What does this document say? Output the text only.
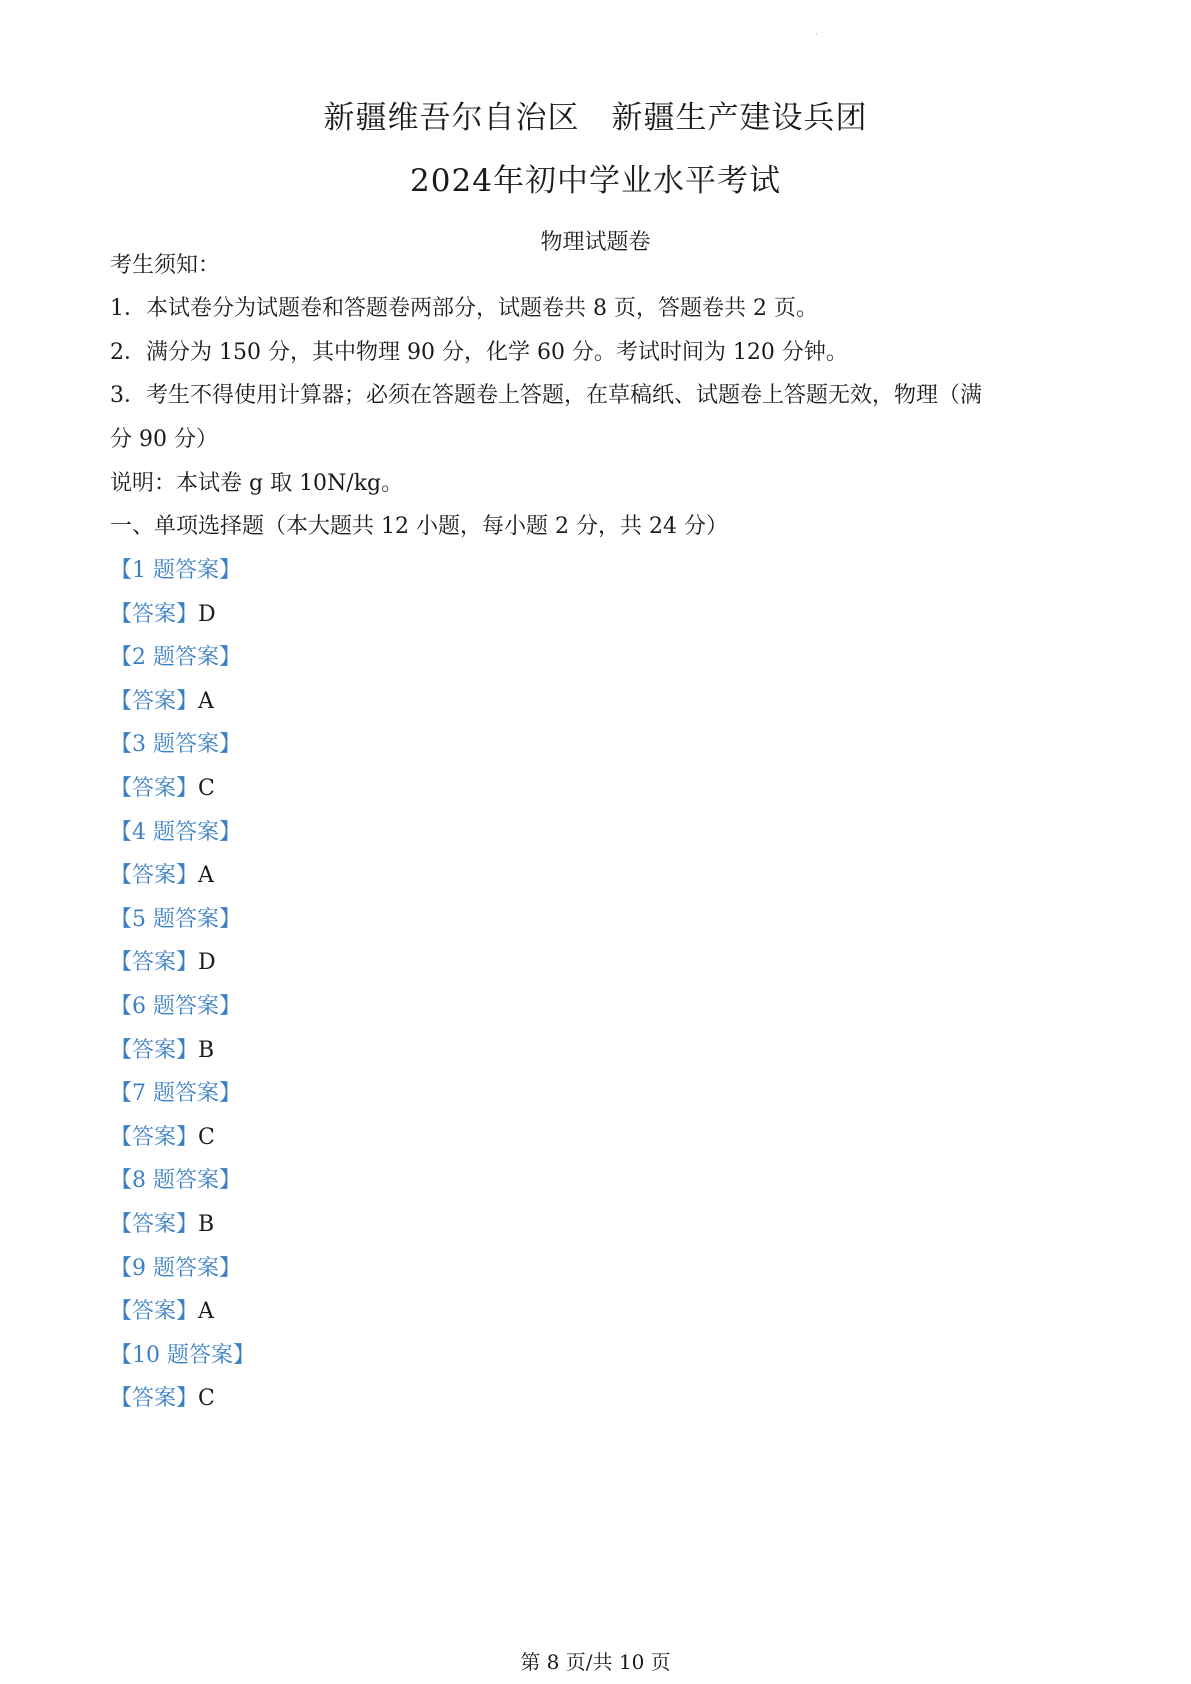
·
新疆维吾尔自治区　新疆生产建设兵团
2024年初中学业水平考试
物理试题卷
考生须知：
1．本试卷分为试题卷和答题卷两部分，试题卷共 8 页，答题卷共 2 页。
2．满分为 150 分，其中物理 90 分，化学 60 分。考试时间为 120 分钟。
3．考生不得使用计算器；必须在答题卷上答题，在草稿纸、试题卷上答题无效，物理（满
分 90 分）
说明：本试卷 g 取 10N/kg。
一、单项选择题（本大题共 12 小题，每小题 2 分，共 24 分）
【1 题答案】
【答案】D
【2 题答案】
【答案】A
【3 题答案】
【答案】C
【4 题答案】
【答案】A
【5 题答案】
【答案】D
【6 题答案】
【答案】B
【7 题答案】
【答案】C
【8 题答案】
【答案】B
【9 题答案】
【答案】A
【10 题答案】
【答案】C
第 8 页/共 10 页
